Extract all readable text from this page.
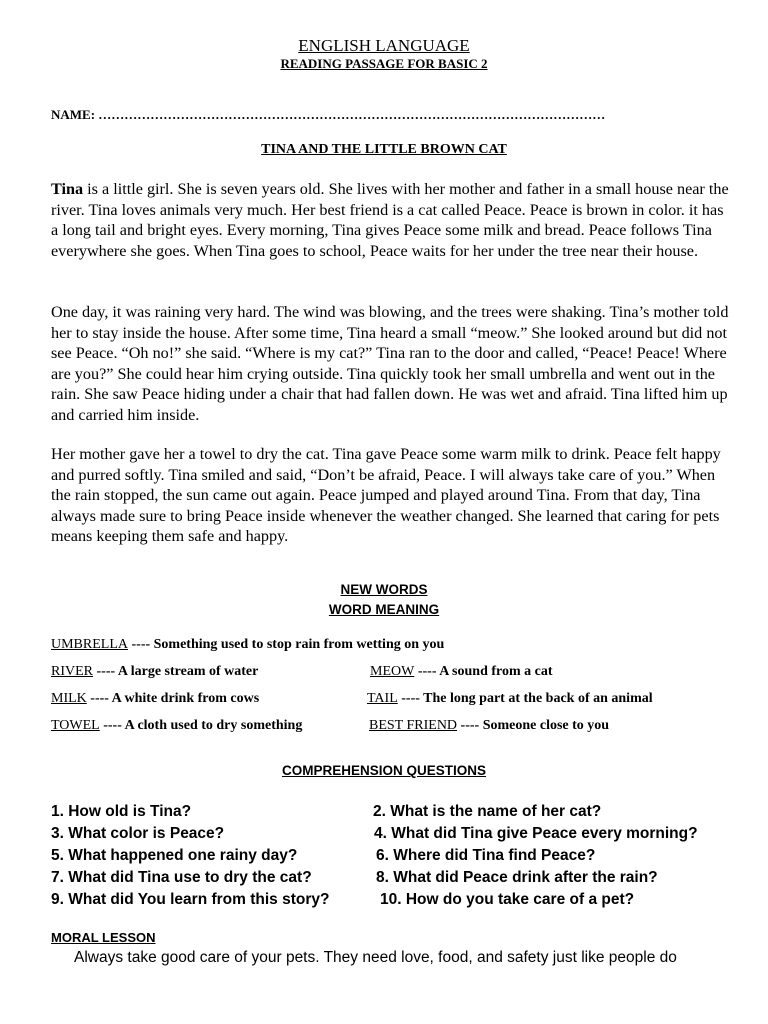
ENGLISH LANGUAGE
READING PASSAGE FOR BASIC 2
NAME: ………………………………………………………………………………………………………
TINA AND THE LITTLE BROWN CAT

Tina is a little girl. She is seven years old. She lives with her mother and father in a small house near the river. Tina loves animals very much. Her best friend is a cat called Peace. Peace is brown in color. it has a long tail and bright eyes. Every morning, Tina gives Peace some milk and bread. Peace follows Tina everywhere she goes. When Tina goes to school, Peace waits for her under the tree near their house.

One day, it was raining very hard. The wind was blowing, and the trees were shaking. Tina’s mother told her to stay inside the house. After some time, Tina heard a small “meow.” She looked around but did not see Peace. “Oh no!” she said. “Where is my cat?” Tina ran to the door and called, “Peace! Peace! Where are you?” She could hear him crying outside. Tina quickly took her small umbrella and went out in the rain. She saw Peace hiding under a chair that had fallen down. He was wet and afraid. Tina lifted him up and carried him inside.

Her mother gave her a towel to dry the cat. Tina gave Peace some warm milk to drink. Peace felt happy and purred softly. Tina smiled and said, “Don’t be afraid, Peace. I will always take care of you.” When the rain stopped, the sun came out again. Peace jumped and played around Tina. From that day, Tina always made sure to bring Peace inside whenever the weather changed. She learned that caring for pets means keeping them safe and happy.

NEW WORDS
WORD MEANING
UMBRELLA ---- Something used to stop rain from wetting on you
RIVER ---- A large stream of water	MEOW ---- A sound from a cat
MILK ---- A white drink from cows	TAIL ---- The long part at the back of an animal
TOWEL ---- A cloth used to dry something	BEST FRIEND ---- Someone close to you
COMPREHENSION QUESTIONS
1. How old is Tina?	2. What is the name of her cat?
3. What color is Peace?	4. What did Tina give Peace every morning?
5. What happened one rainy day?	6. Where did Tina find Peace?
7. What did Tina use to dry the cat?	8. What did Peace drink after the rain?
9. What did You learn from this story?	10. How do you take care of a pet?
MORAL LESSON
Always take good care of your pets. They need love, food, and safety just like people do
